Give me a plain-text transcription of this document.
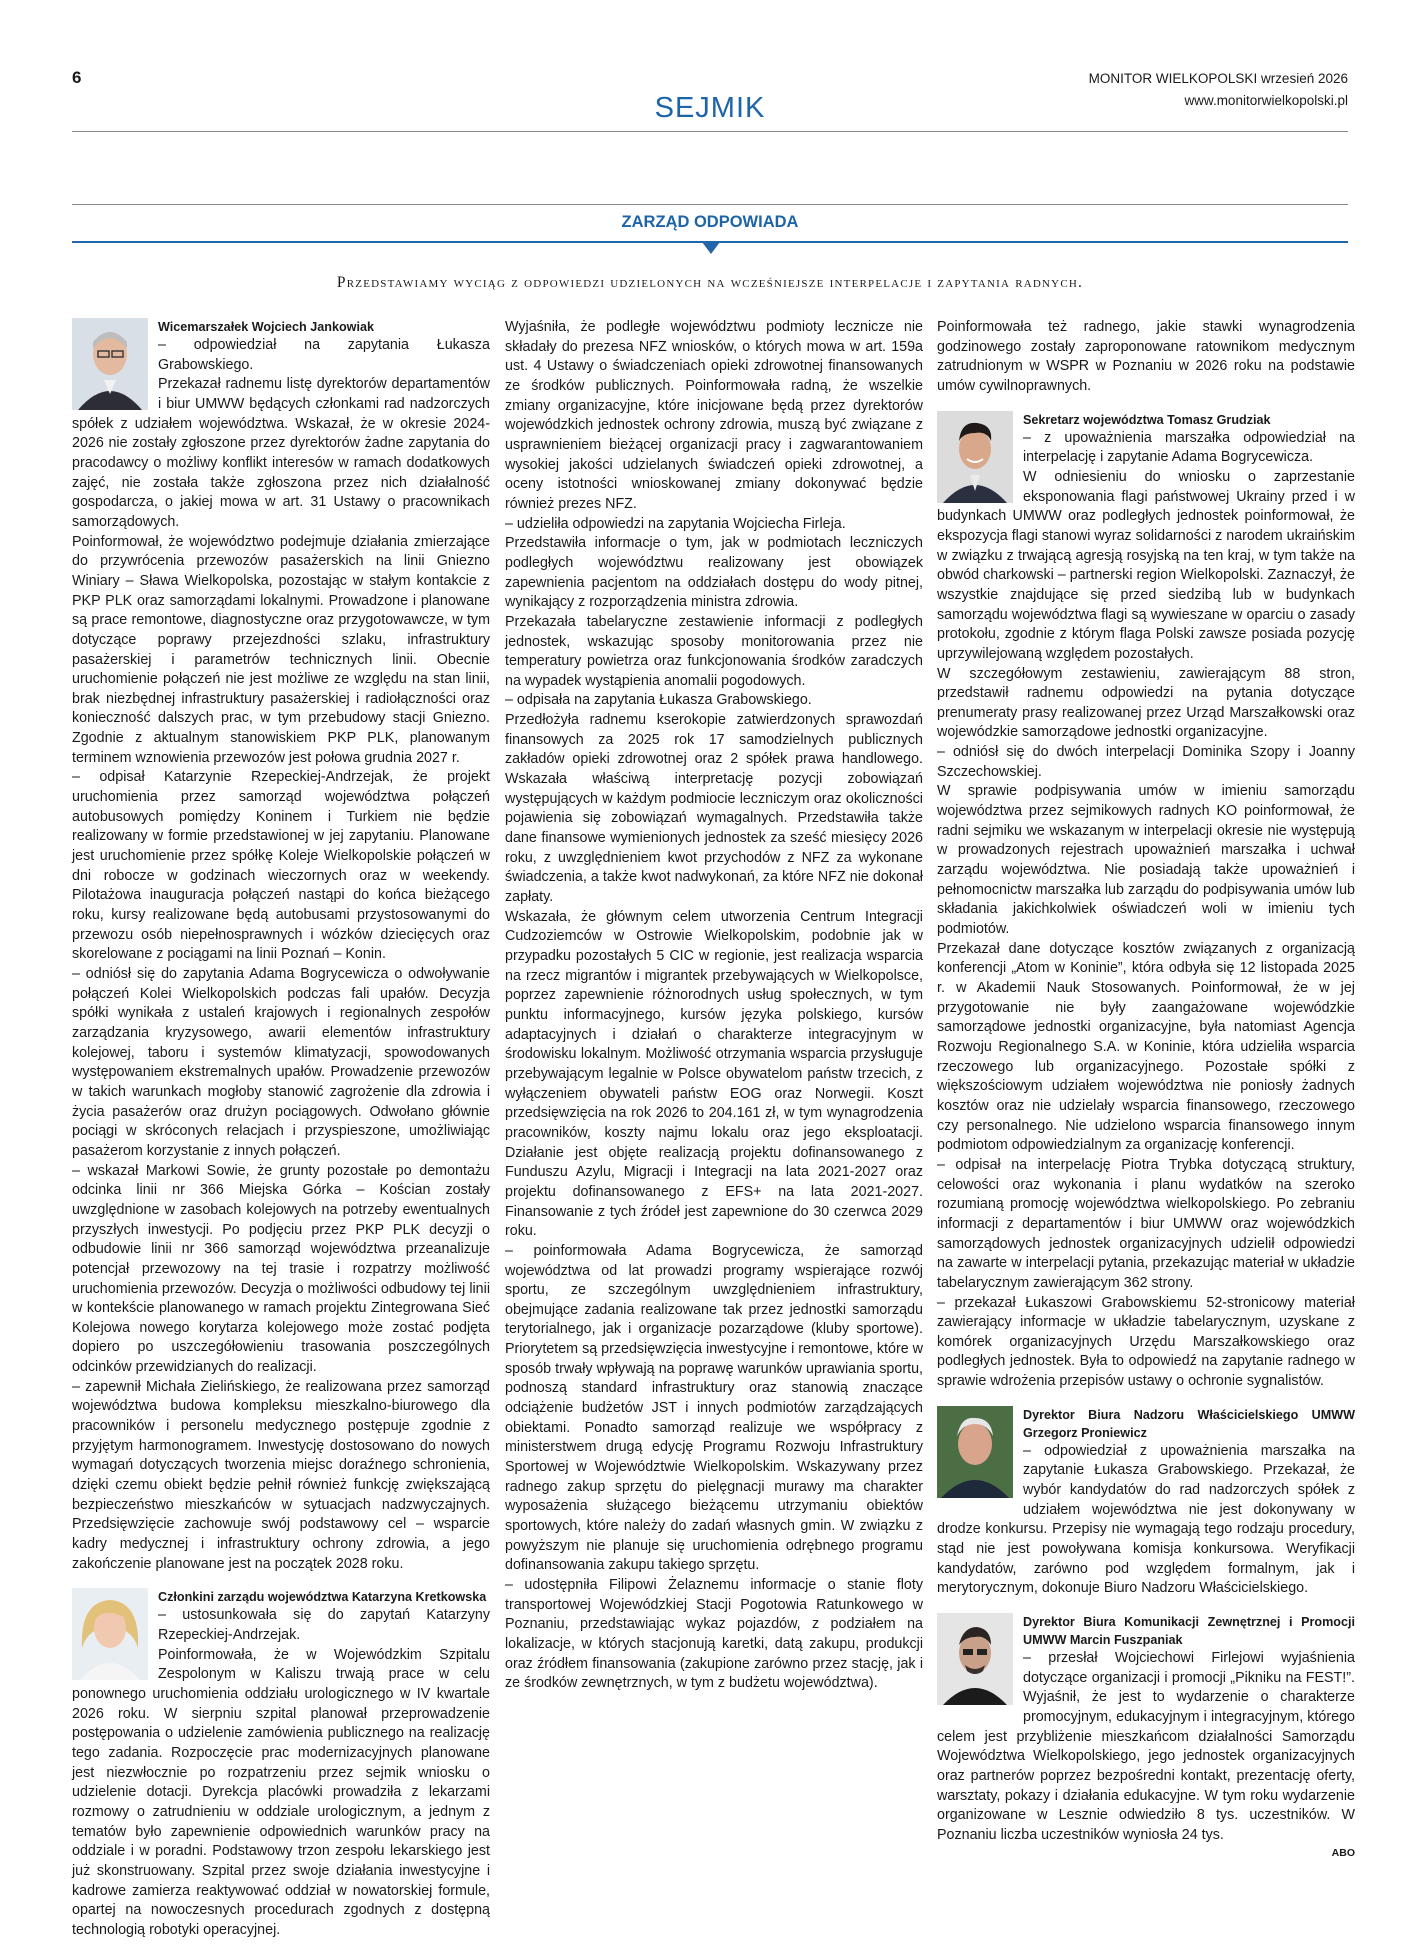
6	MONITOR WIELKOPOLSKI wrzesień 2026
www.monitorwielkopolski.pl
SEJMIK
ZARZĄD ODPOWIADA
Przedstawiamy wyciąg z odpowiedzi udzielonych na wcześniejsze interpelacje i zapytania radnych.
Wicemarszałek Wojciech Jankowiak

– odpowiedział na zapytania Łukasza Grabowskiego.

Przekazał radnemu listę dyrektorów departamentów i biur UMWW będących członkami rad nadzorczych spółek z udziałem województwa. Wskazał, że w okresie 2024-2026 nie zostały zgłoszone przez dyrektorów żadne zapytania do pracodawcy o możliwy konflikt interesów w ramach dodatkowych zajęć, nie została także zgłoszona przez nich działalność gospodarcza, o jakiej mowa w art. 31 Ustawy o pracownikach samorządowych.

Poinformował, że województwo podejmuje działania zmierzające do przywrócenia przewozów pasażerskich na linii Gniezno Winiary – Sława Wielkopolska, pozostając w stałym kontakcie z PKP PLK oraz samorządami lokalnymi. Prowadzone i planowane są prace remontowe, diagnostyczne oraz przygotowawcze, w tym dotyczące poprawy przejezdności szlaku, infrastruktury pasażerskiej i parametrów technicznych linii. Obecnie uruchomienie połączeń nie jest możliwe ze względu na stan linii, brak niezbędnej infrastruktury pasażerskiej i radiołączności oraz konieczność dalszych prac, w tym przebudowy stacji Gniezno. Zgodnie z aktualnym stanowiskiem PKP PLK, planowanym terminem wznowienia przewozów jest połowa grudnia 2027 r.

– odpisał Katarzynie Rzepeckiej-Andrzejak, że projekt uruchomienia przez samorząd województwa połączeń autobusowych pomiędzy Koninem i Turkiem nie będzie realizowany w formie przedstawionej w jej zapytaniu. Planowane jest uruchomienie przez spółkę Koleje Wielkopolskie połączeń w dni robocze w godzinach wieczornych oraz w weekendy. Pilotażowa inauguracja połączeń nastąpi do końca bieżącego roku, kursy realizowane będą autobusami przystosowanymi do przewozu osób niepełnosprawnych i wózków dziecięcych oraz skorelowane z pociągami na linii Poznań – Konin.

– odniósł się do zapytania Adama Bogrycewicza o odwoływanie połączeń Kolei Wielkopolskich podczas fali upałów. Decyzja spółki wynikała z ustaleń krajowych i regionalnych zespołów zarządzania kryzysowego, awarii elementów infrastruktury kolejowej, taboru i systemów klimatyzacji, spowodowanych występowaniem ekstremalnych upałów. Prowadzenie przewozów w takich warunkach mogłoby stanowić zagrożenie dla zdrowia i życia pasażerów oraz drużyn pociągowych. Odwołano głównie pociągi w skróconych relacjach i przyspieszone, umożliwiając pasażerom korzystanie z innych połączeń.

– wskazał Markowi Sowie, że grunty pozostałe po demontażu odcinka linii nr 366 Miejska Górka – Kościan zostały uwzględnione w zasobach kolejowych na potrzeby ewentualnych przyszłych inwestycji. Po podjęciu przez PKP PLK decyzji o odbudowie linii nr 366 samorząd województwa przeanalizuje potencjał przewozowy na tej trasie i rozpatrzy możliwość uruchomienia przewozów. Decyzja o możliwości odbudowy tej linii w kontekście planowanego w ramach projektu Zintegrowana Sieć Kolejowa nowego korytarza kolejowego może zostać podjęta dopiero po uszczegółowieniu trasowania poszczególnych odcinków przewidzianych do realizacji.

– zapewnił Michała Zielińskiego, że realizowana przez samorząd województwa budowa kompleksu mieszkalno-biurowego dla pracowników i personelu medycznego postępuje zgodnie z przyjętym harmonogramem. Inwestycję dostosowano do nowych wymagań dotyczących tworzenia miejsc doraźnego schronienia, dzięki czemu obiekt będzie pełnił również funkcję zwiększającą bezpieczeństwo mieszkańców w sytuacjach nadzwyczajnych. Przedsięwzięcie zachowuje swój podstawowy cel – wsparcie kadry medycznej i infrastruktury ochrony zdrowia, a jego zakończenie planowane jest na początek 2028 roku.

Członkini zarządu województwa Katarzyna Kretkowska

– ustosunkowała się do zapytań Katarzyny Rzepeckiej-Andrzejak.

Poinformowała, że w Wojewódzkim Szpitalu Zespolonym w Kaliszu trwają prace w celu ponownego uruchomienia oddziału urologicznego w IV kwartale 2026 roku. W sierpniu szpital planował przeprowadzenie postępowania o udzielenie zamówienia publicznego na realizację tego zadania. Rozpoczęcie prac modernizacyjnych planowane jest niezwłocznie po rozpatrzeniu przez sejmik wniosku o udzielenie dotacji. Dyrekcja placówki prowadziła z lekarzami rozmowy o zatrudnieniu w oddziale urologicznym, a jednym z tematów było zapewnienie odpowiednich warunków pracy na oddziale i w poradni. Podstawowy trzon zespołu lekarskiego jest już skonstruowany. Szpital przez swoje działania inwestycyjne i kadrowe zamierza reaktywować oddział w nowatorskiej formule, opartej na nowoczesnych procedurach zgodnych z dostępną technologią robotyki operacyjnej.

Wyjaśniła, że podległe województwu podmioty lecznicze nie składały do prezesa NFZ wniosków, o których mowa w art. 159a ust. 4 Ustawy o świadczeniach opieki zdrowotnej finansowanych ze środków publicznych. Poinformowała radną, że wszelkie zmiany organizacyjne, które inicjowane będą przez dyrektorów wojewódzkich jednostek ochrony zdrowia, muszą być związane z usprawnieniem bieżącej organizacji pracy i zagwarantowaniem wysokiej jakości udzielanych świadczeń opieki zdrowotnej, a oceny istotności wnioskowanej zmiany dokonywać będzie również prezes NFZ.

– udzieliła odpowiedzi na zapytania Wojciecha Firleja.

Przedstawiła informacje o tym, jak w podmiotach leczniczych podległych województwu realizowany jest obowiązek zapewnienia pacjentom na oddziałach dostępu do wody pitnej, wynikający z rozporządzenia ministra zdrowia.

Przekazała tabelaryczne zestawienie informacji z podległych jednostek, wskazując sposoby monitorowania przez nie temperatury powietrza oraz funkcjonowania środków zaradczych na wypadek wystąpienia anomalii pogodowych.

– odpisała na zapytania Łukasza Grabowskiego.

Przedłożyła radnemu kserokopie zatwierdzonych sprawozdań finansowych za 2025 rok 17 samodzielnych publicznych zakładów opieki zdrowotnej oraz 2 spółek prawa handlowego. Wskazała właściwą interpretację pozycji zobowiązań występujących w każdym podmiocie leczniczym oraz okoliczności pojawienia się zobowiązań wymagalnych. Przedstawiła także dane finansowe wymienionych jednostek za sześć miesięcy 2026 roku, z uwzględnieniem kwot przychodów z NFZ za wykonane świadczenia, a także kwot nadwykonań, za które NFZ nie dokonał zapłaty.

Wskazała, że głównym celem utworzenia Centrum Integracji Cudzoziemców w Ostrowie Wielkopolskim, podobnie jak w przypadku pozostałych 5 CIC w regionie, jest realizacja wsparcia na rzecz migrantów i migrantek przebywających w Wielkopolsce, poprzez zapewnienie różnorodnych usług społecznych, w tym punktu informacyjnego, kursów języka polskiego, kursów adaptacyjnych i działań o charakterze integracyjnym w środowisku lokalnym. Możliwość otrzymania wsparcia przysługuje przebywającym legalnie w Polsce obywatelom państw trzecich, z wyłączeniem obywateli państw EOG oraz Norwegii. Koszt przedsięwzięcia na rok 2026 to 204.161 zł, w tym wynagrodzenia pracowników, koszty najmu lokalu oraz jego eksploatacji. Działanie jest objęte realizacją projektu dofinansowanego z Funduszu Azylu, Migracji i Integracji na lata 2021-2027 oraz projektu dofinansowanego z EFS+ na lata 2021-2027. Finansowanie z tych źródeł jest zapewnione do 30 czerwca 2029 roku.

– poinformowała Adama Bogrycewicza, że samorząd województwa od lat prowadzi programy wspierające rozwój sportu, ze szczególnym uwzględnieniem infrastruktury, obejmujące zadania realizowane tak przez jednostki samorządu terytorialnego, jak i organizacje pozarządowe (kluby sportowe). Priorytetem są przedsięwzięcia inwestycyjne i remontowe, które w sposób trwały wpływają na poprawę warunków uprawiania sportu, podnoszą standard infrastruktury oraz stanowią znaczące odciążenie budżetów JST i innych podmiotów zarządzających obiektami. Ponadto samorząd realizuje we współpracy z ministerstwem drugą edycję Programu Rozwoju Infrastruktury Sportowej w Województwie Wielkopolskim. Wskazywany przez radnego zakup sprzętu do pielęgnacji murawy ma charakter wyposażenia służącego bieżącemu utrzymaniu obiektów sportowych, które należy do zadań własnych gmin. W związku z powyższym nie planuje się uruchomienia odrębnego programu dofinansowania zakupu takiego sprzętu.

– udostępniła Filipowi Żelaznemu informacje o stanie floty transportowej Wojewódzkiej Stacji Pogotowia Ratunkowego w Poznaniu, przedstawiając wykaz pojazdów, z podziałem na lokalizacje, w których stacjonują karetki, datą zakupu, produkcji oraz źródłem finansowania (zakupione zarówno przez stację, jak i ze środków zewnętrznych, w tym z budżetu województwa).

Poinformowała też radnego, jakie stawki wynagrodzenia godzinowego zostały zaproponowane ratownikom medycznym zatrudnionym w WSPR w Poznaniu w 2026 roku na podstawie umów cywilnoprawnych.

Sekretarz województwa Tomasz Grudziak

– z upoważnienia marszałka odpowiedział na interpelację i zapytanie Adama Bogrycewicza.

W odniesieniu do wniosku o zaprzestanie eksponowania flagi państwowej Ukrainy przed i w budynkach UMWW oraz podległych jednostek poinformował, że ekspozycja flagi stanowi wyraz solidarności z narodem ukraińskim w związku z trwającą agresją rosyjską na ten kraj, w tym także na obwód charkowski – partnerski region Wielkopolski. Zaznaczył, że wszystkie znajdujące się przed siedzibą lub w budynkach samorządu województwa flagi są wywieszane w oparciu o zasady protokołu, zgodnie z którym flaga Polski zawsze posiada pozycję uprzywilejowaną względem pozostałych.

W szczegółowym zestawieniu, zawierającym 88 stron, przedstawił radnemu odpowiedzi na pytania dotyczące prenumeraty prasy realizowanej przez Urząd Marszałkowski oraz wojewódzkie samorządowe jednostki organizacyjne.

– odniósł się do dwóch interpelacji Dominika Szopy i Joanny Szczechowskiej.

W sprawie podpisywania umów w imieniu samorządu województwa przez sejmikowych radnych KO poinformował, że radni sejmiku we wskazanym w interpelacji okresie nie występują w prowadzonych rejestrach upoważnień marszałka i uchwał zarządu województwa. Nie posiadają także upoważnień i pełnomocnictw marszałka lub zarządu do podpisywania umów lub składania jakichkolwiek oświadczeń woli w imieniu tych podmiotów.

Przekazał dane dotyczące kosztów związanych z organizacją konferencji „Atom w Koninie”, która odbyła się 12 listopada 2025 r. w Akademii Nauk Stosowanych. Poinformował, że w jej przygotowanie nie były zaangażowane wojewódzkie samorządowe jednostki organizacyjne, była natomiast Agencja Rozwoju Regionalnego S.A. w Koninie, która udzieliła wsparcia rzeczowego lub organizacyjnego. Pozostałe spółki z większościowym udziałem województwa nie poniosły żadnych kosztów oraz nie udzielały wsparcia finansowego, rzeczowego czy personalnego. Nie udzielono wsparcia finansowego innym podmiotom odpowiedzialnym za organizację konferencji.

– odpisał na interpelację Piotra Trybka dotyczącą struktury, celowości oraz wykonania i planu wydatków na szeroko rozumianą promocję województwa wielkopolskiego. Po zebraniu informacji z departamentów i biur UMWW oraz wojewódzkich samorządowych jednostek organizacyjnych udzielił odpowiedzi na zawarte w interpelacji pytania, przekazując materiał w układzie tabelarycznym zawierającym 362 strony.

– przekazał Łukaszowi Grabowskiemu 52-stronicowy materiał zawierający informacje w układzie tabelarycznym, uzyskane z komórek organizacyjnych Urzędu Marszałkowskiego oraz podległych jednostek. Była to odpowiedź na zapytanie radnego w sprawie wdrożenia przepisów ustawy o ochronie sygnalistów.

Dyrektor Biura Nadzoru Właścicielskiego UMWW Grzegorz Proniewicz

– odpowiedział z upoważnienia marszałka na zapytanie Łukasza Grabowskiego. Przekazał, że wybór kandydatów do rad nadzorczych spółek z udziałem województwa nie jest dokonywany w drodze konkursu. Przepisy nie wymagają tego rodzaju procedury, stąd nie jest powoływana komisja konkursowa. Weryfikacji kandydatów, zarówno pod względem formalnym, jak i merytorycznym, dokonuje Biuro Nadzoru Właścicielskiego.

Dyrektor Biura Komunikacji Zewnętrznej i Promocji UMWW Marcin Fuszpaniak

– przesłał Wojciechowi Firlejowi wyjaśnienia dotyczące organizacji i promocji „Pikniku na FEST!”. Wyjaśnił, że jest to wydarzenie o charakterze promocyjnym, edukacyjnym i integracyjnym, którego celem jest przybliżenie mieszkańcom działalności Samorządu Województwa Wielkopolskiego, jego jednostek organizacyjnych oraz partnerów poprzez bezpośredni kontakt, prezentację oferty, warsztaty, pokazy i działania edukacyjne. W tym roku wydarzenie organizowane w Lesznie odwiedziło 8 tys. uczestników. W Poznaniu liczba uczestników wyniosła 24 tys.

ABO
